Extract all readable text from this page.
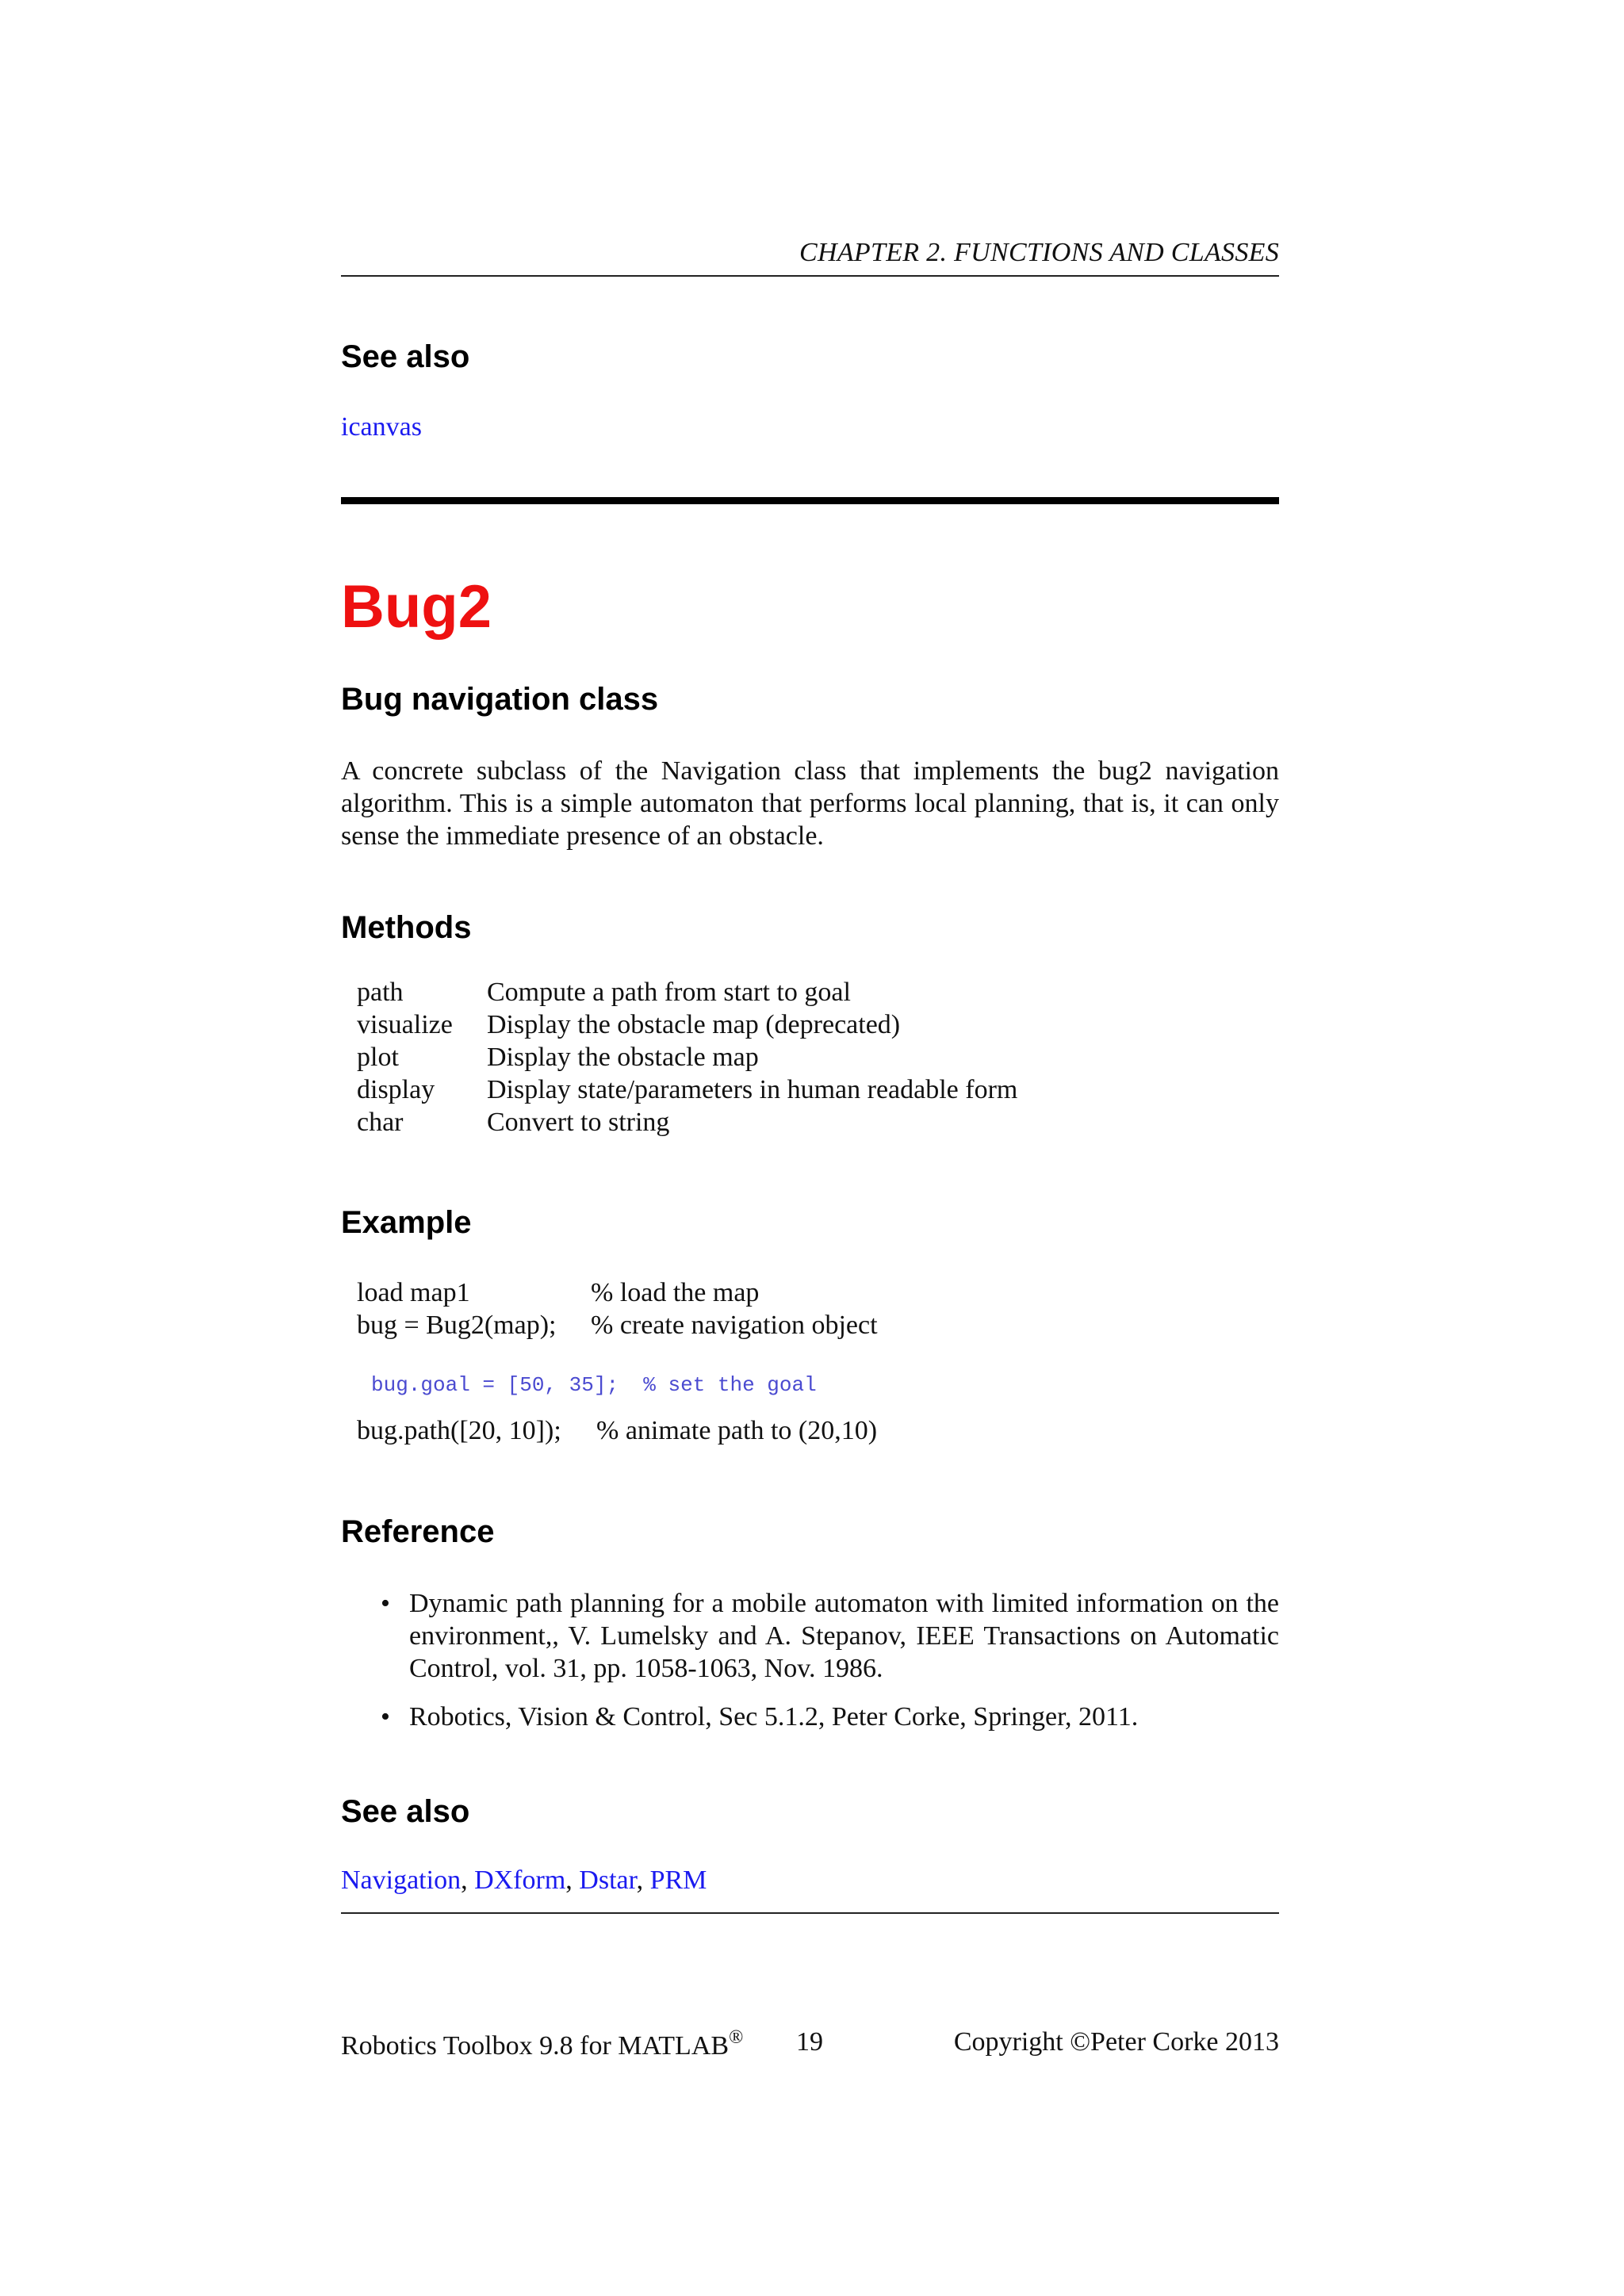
CHAPTER 2. FUNCTIONS AND CLASSES
See also
icanvas
Bug2
Bug navigation class

A concrete subclass of the Navigation class that implements the bug2 navigation algorithm. This is a simple automaton that performs local planning, that is, it can only sense the immediate presence of an obstacle.

Methods
path	Compute a path from start to goal
visualize	Display the obstacle map (deprecated)
plot	Display the obstacle map
display	Display state/parameters in human readable form
char	Convert to string
Example
load map1	% load the map
bug = Bug2(map);	% create navigation object
bug.goal = [50, 35];  % set the goal
bug.path([20, 10]);	% animate path to (20,10)
Reference
• Dynamic path planning for a mobile automaton with limited information on the environment,, V. Lumelsky and A. Stepanov, IEEE Transactions on Automatic Control, vol. 31, pp. 1058-1063, Nov. 1986.
• Robotics, Vision & Control, Sec 5.1.2, Peter Corke, Springer, 2011.
See also
Navigation, DXform, Dstar, PRM
Robotics Toolbox 9.8 for MATLAB® 19	Copyright ©Peter Corke 2013
